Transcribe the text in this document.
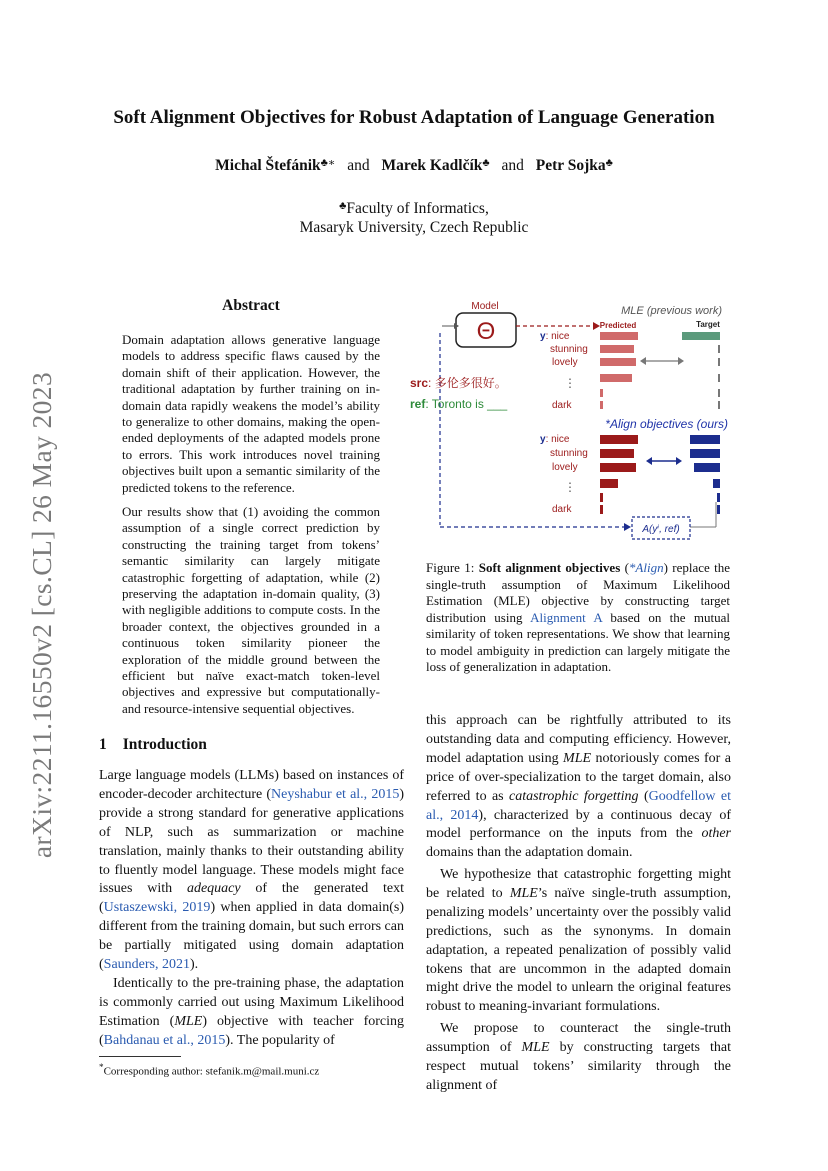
arXiv:2211.16550v2 [cs.CL] 26 May 2023
Soft Alignment Objectives for Robust Adaptation of Language Generation
Michal Štefánik♣∗ and Marek Kadlčík♣ and Petr Sojka♣
♣Faculty of Informatics,
Masaryk University, Czech Republic
Abstract
Domain adaptation allows generative language models to address specific flaws caused by the domain shift of their application. However, the traditional adaptation by further training on in-domain data rapidly weakens the model’s ability to generalize to other domains, making the open-ended deployments of the adapted models prone to errors. This work introduces novel training objectives built upon a semantic similarity of the predicted tokens to the reference.
Our results show that (1) avoiding the common assumption of a single correct prediction by constructing the training target from tokens’ semantic similarity can largely mitigate catastrophic forgetting of adaptation, while (2) preserving the adaptation in-domain quality, (3) with negligible additions to compute costs. In the broader context, the objectives grounded in a continuous token similarity pioneer the exploration of the middle ground between the efficient but naïve exact-match token-level objectives and expressive but computationally- and resource-intensive sequential objectives.
1 Introduction
Large language models (LLMs) based on instances of encoder-decoder architecture (Neyshabur et al., 2015) provide a strong standard for generative applications of NLP, such as summarization or machine translation, mainly thanks to their outstanding ability to fluently model language. These models might face issues with adequacy of the generated text (Ustaszewski, 2019) when applied in data domain(s) different from the training domain, but such errors can be partially mitigated using domain adaptation (Saunders, 2021).
Identically to the pre-training phase, the adaptation is commonly carried out using Maximum Likelihood Estimation (MLE) objective with teacher forcing (Bahdanau et al., 2015). The popularity of
*Corresponding author: stefanik.m@mail.muni.cz
this approach can be rightfully attributed to its outstanding data and computing efficiency. However, model adaptation using MLE notoriously comes for a price of over-specialization to the target domain, also referred to as catastrophic forgetting (Goodfellow et al., 2014), characterized by a continuous decay of model performance on the inputs from the other domains than the adaptation domain.
We hypothesize that catastrophic forgetting might be related to MLE’s naïve single-truth assumption, penalizing models’ uncertainty over the possibly valid predictions, such as the synonyms. In domain adaptation, a repeated penalization of possibly valid tokens that are uncommon in the adapted domain might drive the model to unlearn the original features robust to meaning-invariant formulations.
We propose to counteract the single-truth assumption of MLE by constructing targets that respect mutual tokens’ similarity through the alignment of
Model
Θ
MLE (previous work)
Predicted	Target
src: 多伦多很好。
ref: Toronto is ___
y: nice
stunning
lovely
⋮
dark
*Align objectives (ours)
y: nice
stunning
lovely
⋮
dark
A(yⁱ, ref)
Figure 1: Soft alignment objectives (*Align) replace the single-truth assumption of Maximum Likelihood Estimation (MLE) objective by constructing target distribution using Alignment A based on the mutual similarity of token representations. We show that learning to model ambiguity in prediction can largely mitigate the loss of generalization in adaptation.
